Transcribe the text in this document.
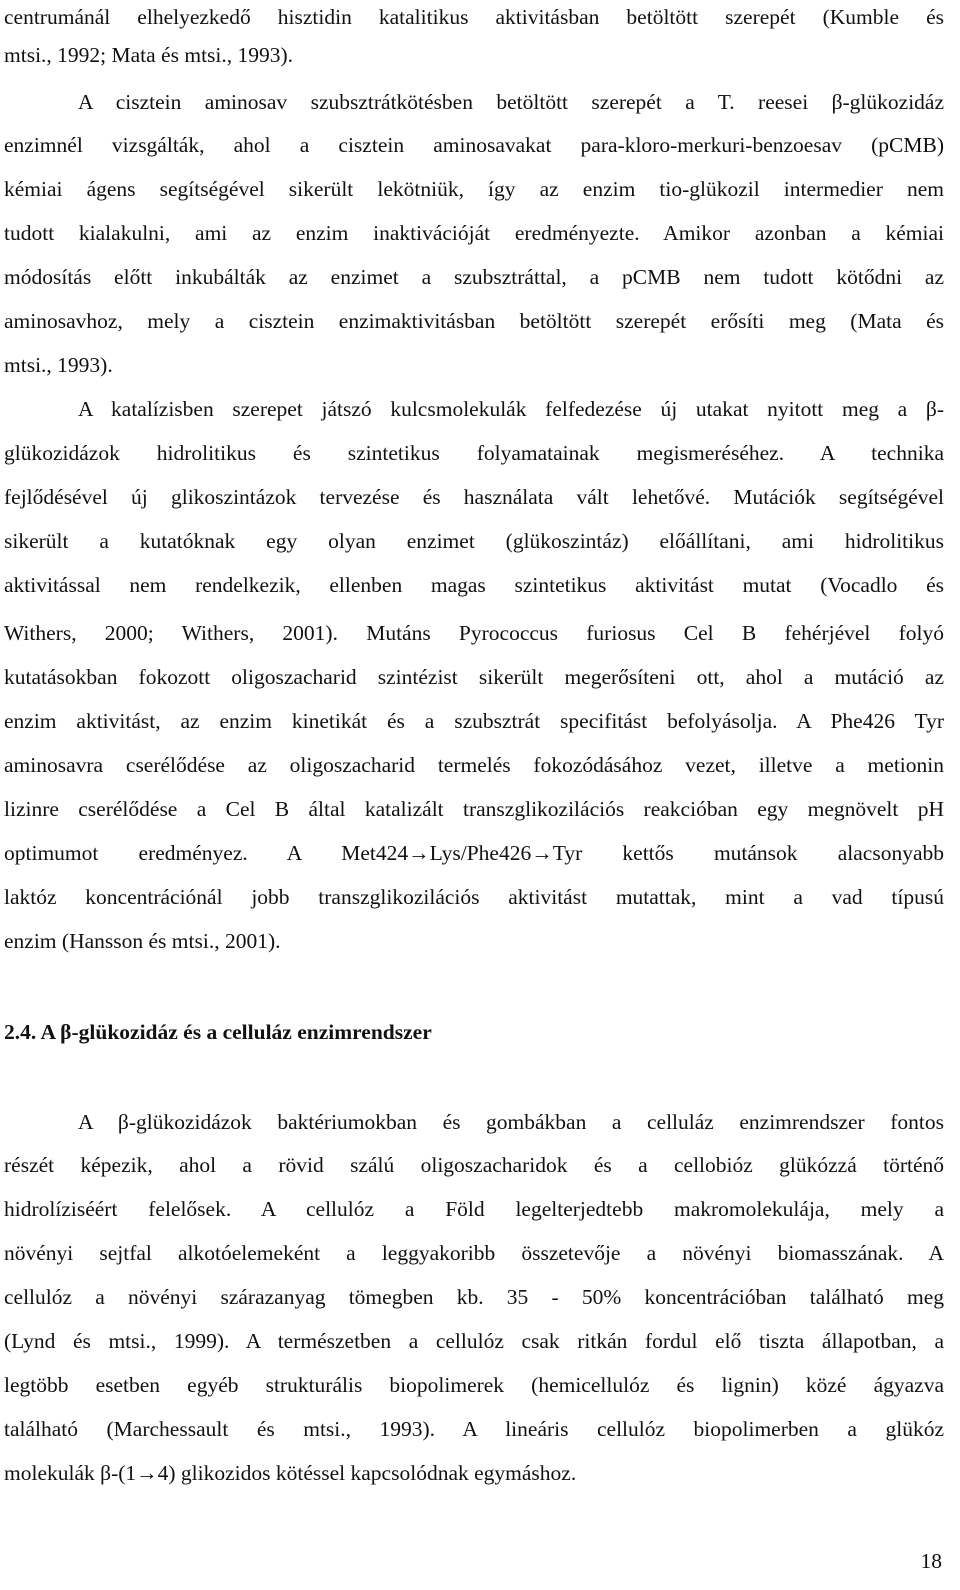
centrumánál elhelyezkedő hisztidin katalitikus aktivitásban betöltött szerepét (Kumble és
mtsi., 1992; Mata és mtsi., 1993).
A cisztein aminosav szubsztrátkötésben betöltött szerepét a T. reesei β-glükozidáz
enzimnél vizsgálták, ahol a cisztein aminosavakat para-kloro-merkuri-benzoesav (pCMB)
kémiai ágens segítségével sikerült lekötniük, így az enzim tio-glükozil intermedier nem
tudott kialakulni, ami az enzim inaktivációját eredményezte. Amikor azonban a kémiai
módosítás előtt inkubálták az enzimet a szubsztráttal, a pCMB nem tudott kötődni az
aminosavhoz, mely a cisztein enzimaktivitásban betöltött szerepét erősíti meg (Mata és
mtsi., 1993).
A katalízisben szerepet játszó kulcsmolekulák felfedezése új utakat nyitott meg a β-
glükozidázok hidrolitikus és szintetikus folyamatainak megismeréséhez. A technika
fejlődésével új glikoszintázok tervezése és használata vált lehetővé. Mutációk segítségével
sikerült a kutatóknak egy olyan enzimet (glükoszintáz) előállítani, ami hidrolitikus
aktivitással nem rendelkezik, ellenben magas szintetikus aktivitást mutat (Vocadlo és
Withers, 2000; Withers, 2001). Mutáns Pyrococcus furiosus Cel B fehérjével folyó
kutatásokban fokozott oligoszacharid szintézist sikerült megerősíteni ott, ahol a mutáció az
enzim aktivitást, az enzim kinetikát és a szubsztrát specifitást befolyásolja. A Phe426 Tyr
aminosavra cserélődése az oligoszacharid termelés fokozódásához vezet, illetve a metionin
lizinre cserélődése a Cel B által katalizált transzglikozilációs reakcióban egy megnövelt pH
optimumot eredményez. A Met424→Lys/Phe426→Tyr kettős mutánsok alacsonyabb
laktóz koncentrációnál jobb transzglikozilációs aktivitást mutattak, mint a vad típusú
enzim (Hansson és mtsi., 2001).
2.4. A β-glükozidáz és a celluláz enzimrendszer
A β-glükozidázok baktériumokban és gombákban a celluláz enzimrendszer fontos
részét képezik, ahol a rövid szálú oligoszacharidok és a cellobióz glükózzá történő
hidrolíziséért felelősek. A cellulóz a Föld legelterjedtebb makromolekulája, mely a
növényi sejtfal alkotóelemeként a leggyakoribb összetevője a növényi biomasszának. A
cellulóz a növényi szárazanyag tömegben kb. 35 - 50% koncentrációban található meg
(Lynd és mtsi., 1999). A természetben a cellulóz csak ritkán fordul elő tiszta állapotban, a
legtöbb esetben egyéb strukturális biopolimerek (hemicellulóz és lignin) közé ágyazva
található (Marchessault és mtsi., 1993). A lineáris cellulóz biopolimerben a glükóz
molekulák β-(1→4) glikozidos kötéssel kapcsolódnak egymáshoz.
18
